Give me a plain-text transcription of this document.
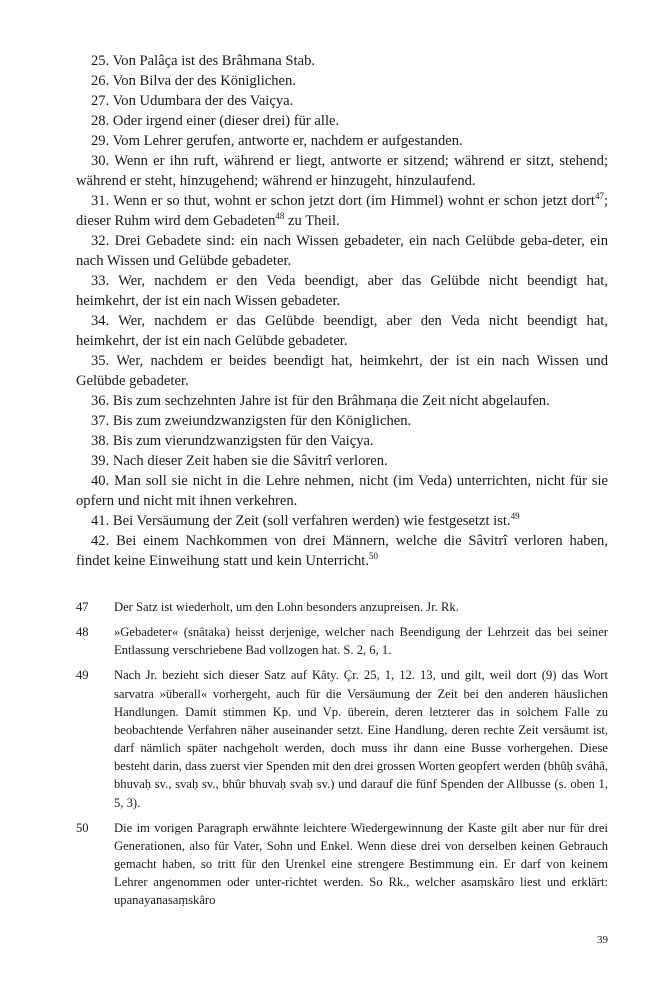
25. Von Palâça ist des Brâhmana Stab.

26. Von Bilva der des Königlichen.

27. Von Udumbara der des Vaiçya.

28. Oder irgend einer (dieser drei) für alle.

29. Vom Lehrer gerufen, antworte er, nachdem er aufgestanden.

30. Wenn er ihn ruft, während er liegt, antworte er sitzend; während er sitzt, stehend; während er steht, hinzugehend; während er hinzugeht, hinzulaufend.

31. Wenn er so thut, wohnt er schon jetzt dort (im Himmel) wohnt er schon jetzt dort$^{47}$; dieser Ruhm wird dem Gebadeten$^{48}$ zu Theil.

32. Drei Gebadete sind: ein nach Wissen gebadeter, ein nach Gelübde geba-deter, ein nach Wissen und Gelübde gebadeter.

33. Wer, nachdem er den Veda beendigt, aber das Gelübde nicht beendigt hat, heimkehrt, der ist ein nach Wissen gebadeter.

34. Wer, nachdem er das Gelübde beendigt, aber den Veda nicht beendigt hat, heimkehrt, der ist ein nach Gelübde gebadeter.

35. Wer, nachdem er beides beendigt hat, heimkehrt, der ist ein nach Wissen und Gelübde gebadeter.

36. Bis zum sechzehnten Jahre ist für den Brâhmaṇa die Zeit nicht abgelaufen.

37. Bis zum zweiundzwanzigsten für den Königlichen.

38. Bis zum vierundzwanzigsten für den Vaiçya.

39. Nach dieser Zeit haben sie die Sâvitrî verloren.

40. Man soll sie nicht in die Lehre nehmen, nicht (im Veda) unterrichten, nicht für sie opfern und nicht mit ihnen verkehren.

41. Bei Versäumung der Zeit (soll verfahren werden) wie festgesetzt ist.$^{49}$

42. Bei einem Nachkommen von drei Männern, welche die Sâvitrî verloren haben, findet keine Einweihung statt und kein Unterricht.$^{50}$

47	Der Satz ist wiederholt, um den Lohn besonders anzupreisen. Jr. Rk.
48	»Gebadeter« (snâtaka) heisst derjenige, welcher nach Beendigung der Lehrzeit das bei seiner Entlassung verschriebene Bad vollzogen hat. S. 2, 6, 1.
49	Nach Jr. bezieht sich dieser Satz auf Kâty. Çr. 25, 1, 12. 13, und gilt, weil dort (9) das Wort sarvatra »überall« vorhergeht, auch für die Versäumung der Zeit bei den anderen häuslichen Handlungen. Damit stimmen Kp. und Vp. überein, deren letzterer das in solchem Falle zu beobachtende Verfahren näher auseinander setzt. Eine Handlung, deren rechte Zeit versäumt ist, darf nämlich später nachgeholt werden, doch muss ihr dann eine Busse vorhergehen. Diese besteht darin, dass zuerst vier Spenden mit den drei grossen Worten geopfert werden (bhûḥ svâhâ, bhuvaḥ sv., svaḥ sv., bhûr bhuvaḥ svaḥ sv.) und darauf die fünf Spenden der Allbusse (s. oben 1, 5, 3).
50	Die im vorigen Paragraph erwähnte leichtere Wiedergewinnung der Kaste gilt aber nur für drei Generationen, also für Vater, Sohn und Enkel. Wenn diese drei von derselben keinen Gebrauch gemacht haben, so tritt für den Urenkel eine strengere Bestimmung ein. Er darf von keinem Lehrer angenommen oder unter-richtet werden. So Rk., welcher asaṃskâro liest und erklärt: upanayanasaṃskâro
39
